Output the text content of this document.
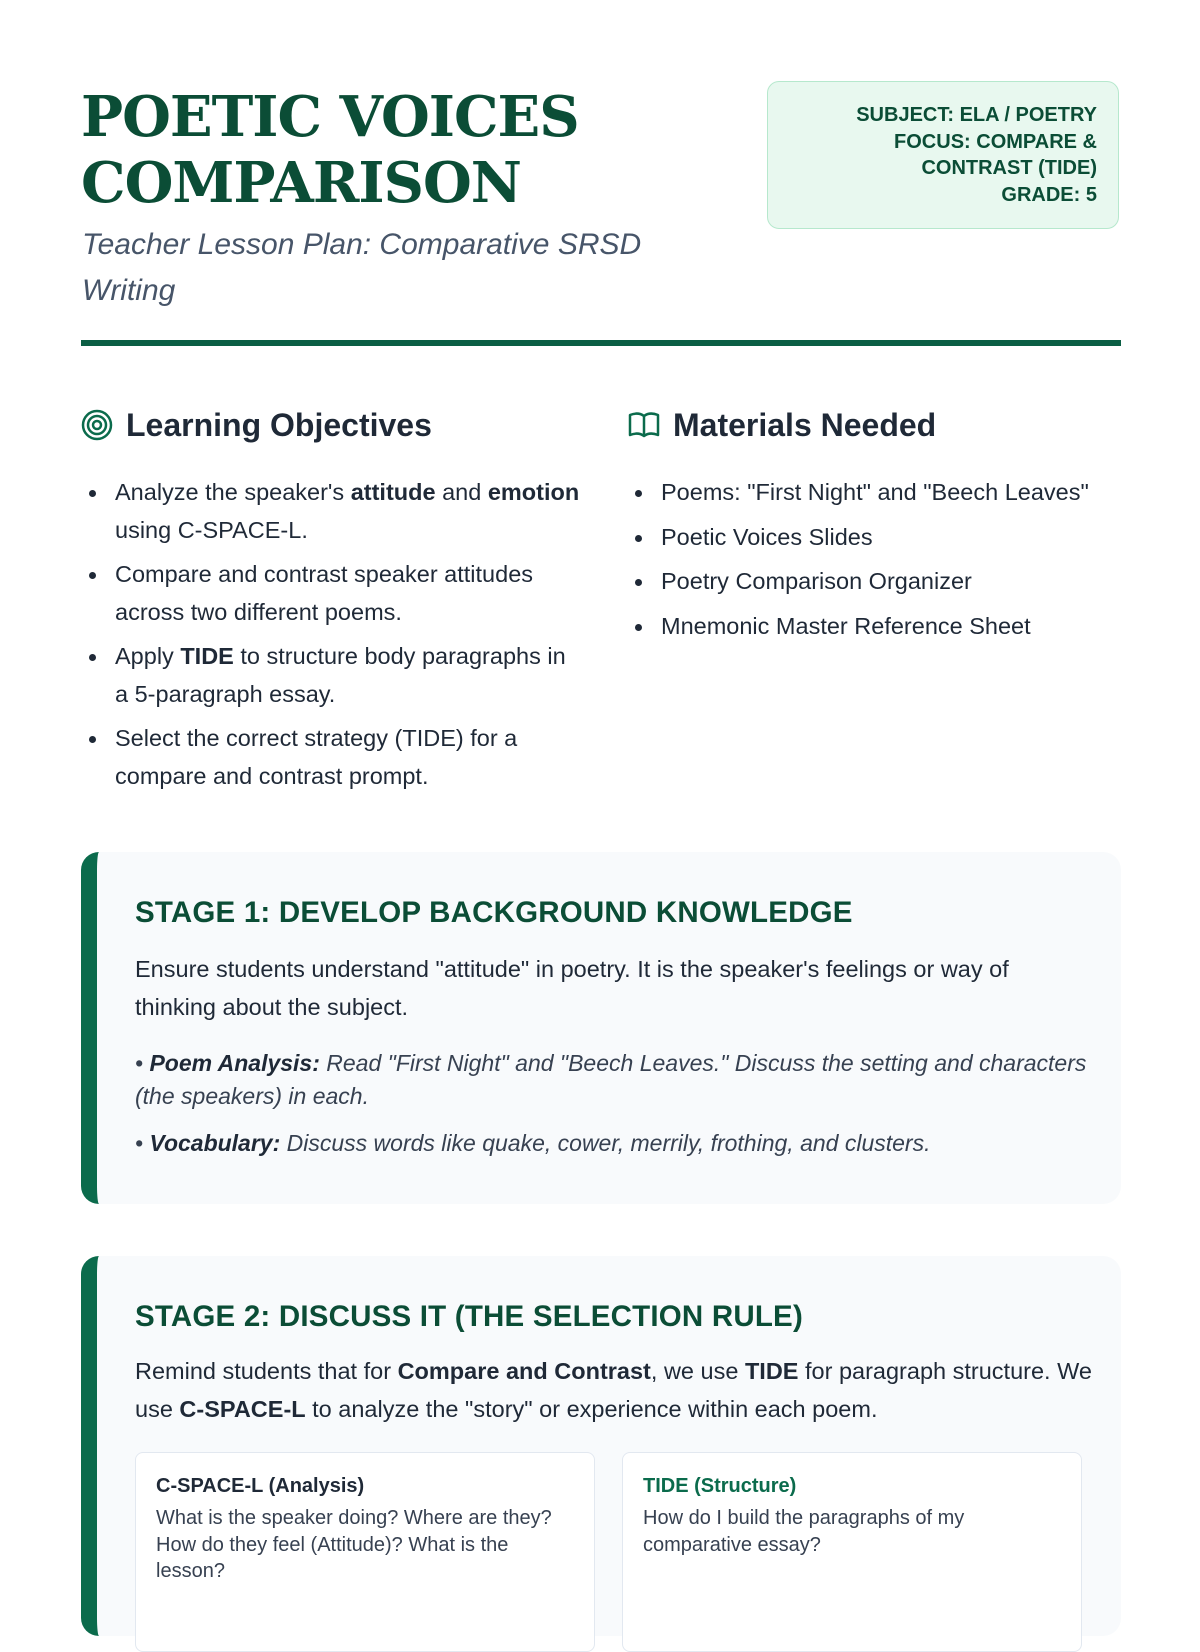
POETIC VOICES
COMPARISON
Teacher Lesson Plan: Comparative SRSD Writing
SUBJECT: ELA / POETRY
FOCUS: COMPARE &
CONTRAST (TIDE)
GRADE: 5
Learning Objectives
Analyze the speaker's attitude and emotion using C-SPACE-L.
Compare and contrast speaker attitudes across two different poems.
Apply TIDE to structure body paragraphs in a 5-paragraph essay.
Select the correct strategy (TIDE) for a compare and contrast prompt.
Materials Needed
Poems: "First Night" and "Beech Leaves"
Poetic Voices Slides
Poetry Comparison Organizer
Mnemonic Master Reference Sheet
STAGE 1: DEVELOP BACKGROUND KNOWLEDGE

Ensure students understand "attitude" in poetry. It is the speaker's feelings or way of thinking about the subject.

• Poem Analysis: Read "First Night" and "Beech Leaves." Discuss the setting and characters (the speakers) in each.

• Vocabulary: Discuss words like quake, cower, merrily, frothing, and clusters.

STAGE 2: DISCUSS IT (THE SELECTION RULE)

Remind students that for Compare and Contrast, we use TIDE for paragraph structure. We use C-SPACE-L to analyze the "story" or experience within each poem.

C-SPACE-L (Analysis)
What is the speaker doing? Where are they? How do they feel (Attitude)? What is the lesson?
TIDE (Structure)
How do I build the paragraphs of my comparative essay?
